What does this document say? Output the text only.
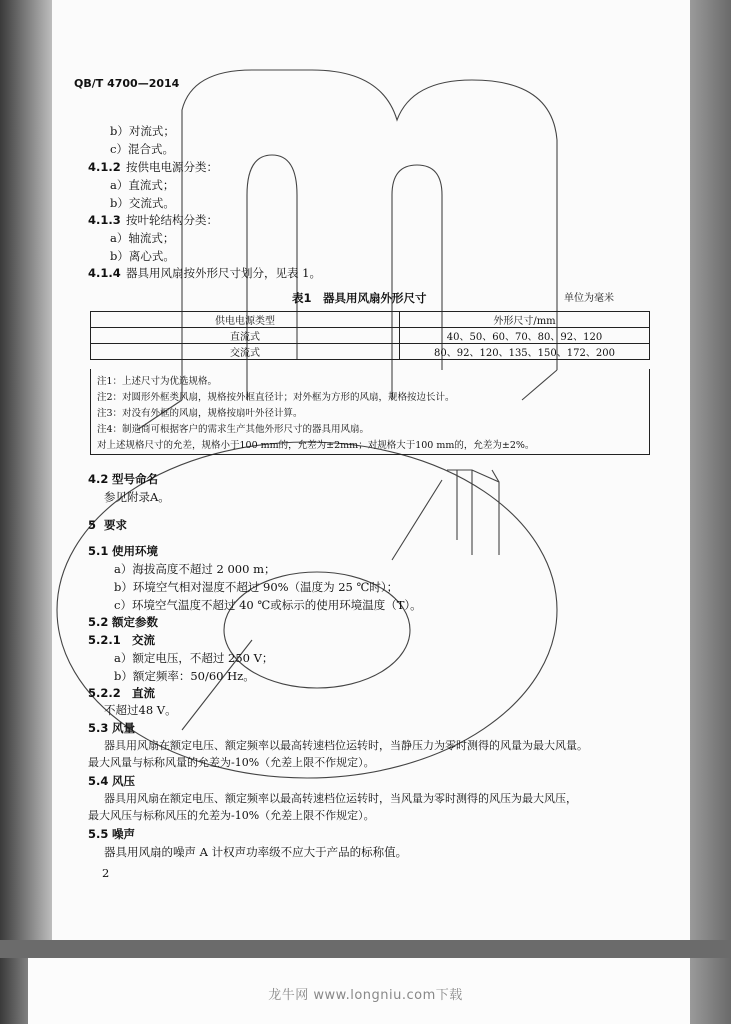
QB/T 4700—2014
b）对流式；
c）混合式。
4.1.2 按供电电源分类：
a）直流式；
b）交流式。
4.1.3 按叶轮结构分类：
a）轴流式；
b）离心式。
4.1.4 器具用风扇按外形尺寸划分，见表 1。
表1　器具用风扇外形尺寸	单位为毫米
供电电源类型	外形尺寸/mm
直流式	40、50、60、70、80、92、120
交流式	80、92、120、135、150、172、200
注1：上述尺寸为优选规格。
注2：对圆形外框类风扇，规格按外框直径计；对外框为方形的风扇，规格按边长计。
注3：对没有外框的风扇，规格按扇叶外径计算。
注4：制造商可根据客户的需求生产其他外形尺寸的器具用风扇。
对上述规格尺寸的允差，规格小于100 mm的，允差为±2mm；对规格大于100 mm的，允差为±2%。
4.2 型号命名
参见附录A。
5 要求
5.1 使用环境
a）海拔高度不超过 2 000 m；
b）环境空气相对湿度不超过 90%（温度为 25 ℃时）；
c）环境空气温度不超过 40 ℃或标示的使用环境温度（T）。
5.2 额定参数
5.2.1 交流
a）额定电压，不超过 250 V；
b）额定频率：50/60 Hz。
5.2.2 直流
不超过48 V。
5.3 风量
器具用风扇在额定电压、额定频率以最高转速档位运转时，当静压力为零时测得的风量为最大风量。
最大风量与标称风量的允差为-10%（允差上限不作规定）。
5.4 风压
器具用风扇在额定电压、额定频率以最高转速档位运转时，当风量为零时测得的风压为最大风压，
最大风压与标称风压的允差为-10%（允差上限不作规定）。
5.5 噪声
器具用风扇的噪声 A 计权声功率级不应大于产品的标称值。
2
龙牛网 www.longniu.com下载
